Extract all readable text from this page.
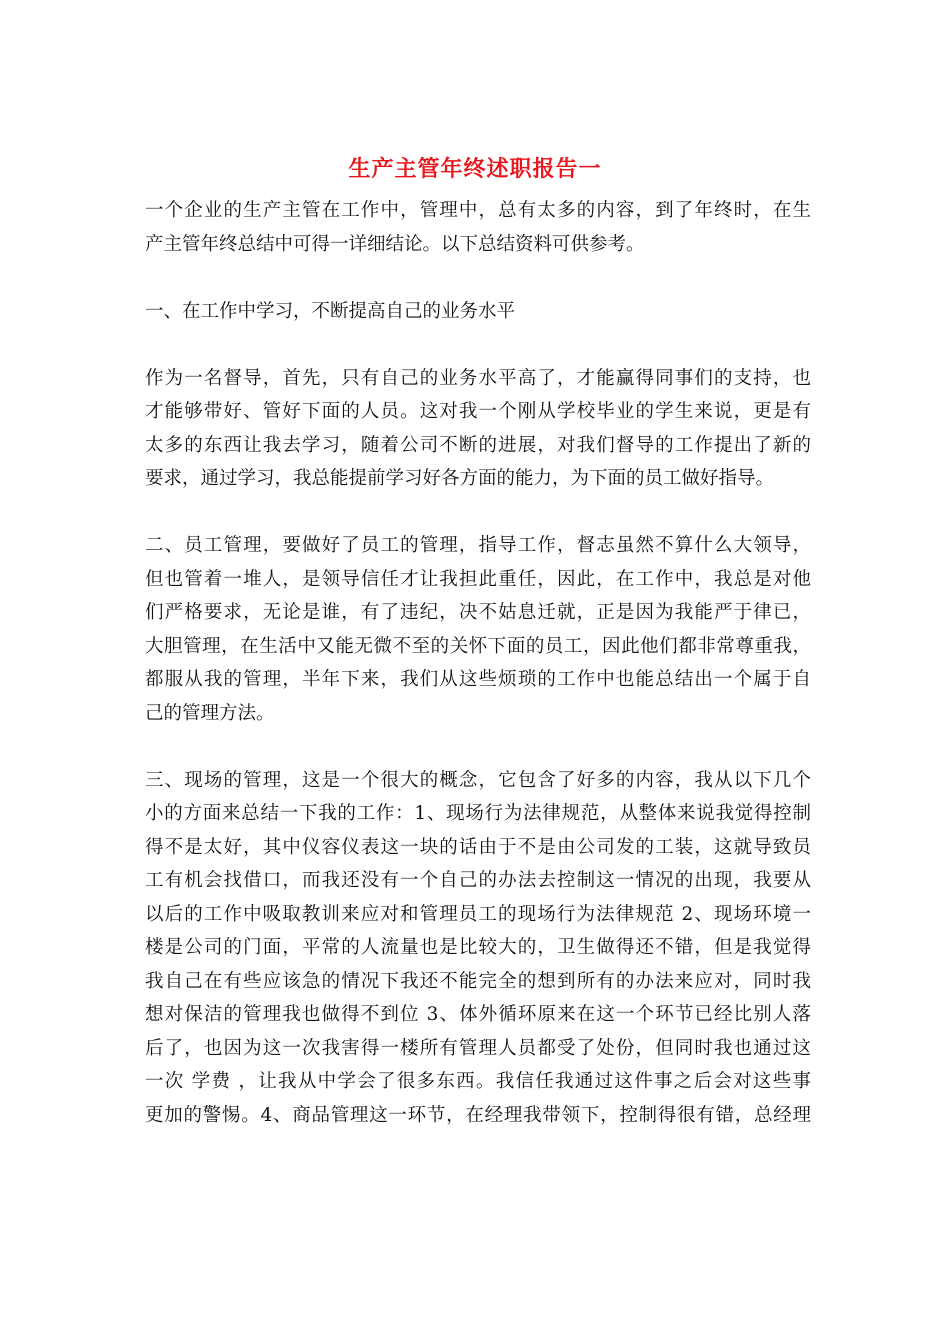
生产主管年终述职报告一
一个企业的生产主管在工作中，管理中，总有太多的内容，到了年终时，在生
产主管年终总结中可得一详细结论。以下总结资料可供参考。
一、在工作中学习，不断提高自己的业务水平
作为一名督导，首先，只有自己的业务水平高了，才能赢得同事们的支持，也
才能够带好、管好下面的人员。这对我一个刚从学校毕业的学生来说，更是有
太多的东西让我去学习，随着公司不断的进展，对我们督导的工作提出了新的
要求，通过学习，我总能提前学习好各方面的能力，为下面的员工做好指导。
二、员工管理，要做好了员工的管理，指导工作，督志虽然不算什么大领导，
但也管着一堆人，是领导信任才让我担此重任，因此，在工作中，我总是对他
们严格要求，无论是谁，有了违纪，决不姑息迁就，正是因为我能严于律已，
大胆管理，在生活中又能无微不至的关怀下面的员工，因此他们都非常尊重我，
都服从我的管理，半年下来，我们从这些烦琐的工作中也能总结出一个属于自
己的管理方法。
三、现场的管理，这是一个很大的概念，它包含了好多的内容，我从以下几个
小的方面来总结一下我的工作：1、现场行为法律规范，从整体来说我觉得控制
得不是太好，其中仪容仪表这一块的话由于不是由公司发的工装，这就导致员
工有机会找借口，而我还没有一个自己的办法去控制这一情况的出现，我要从
以后的工作中吸取教训来应对和管理员工的现场行为法律规范 2、现场环境一
楼是公司的门面，平常的人流量也是比较大的，卫生做得还不错，但是我觉得
我自己在有些应该急的情况下我还不能完全的想到所有的办法来应对，同时我
想对保洁的管理我也做得不到位 3、体外循环原来在这一个环节已经比别人落
后了，也因为这一次我害得一楼所有管理人员都受了处份，但同时我也通过这
一次 学费 ，让我从中学会了很多东西。我信任我通过这件事之后会对这些事
更加的警惕。4、商品管理这一环节，在经理我带领下，控制得很有错，总经理
